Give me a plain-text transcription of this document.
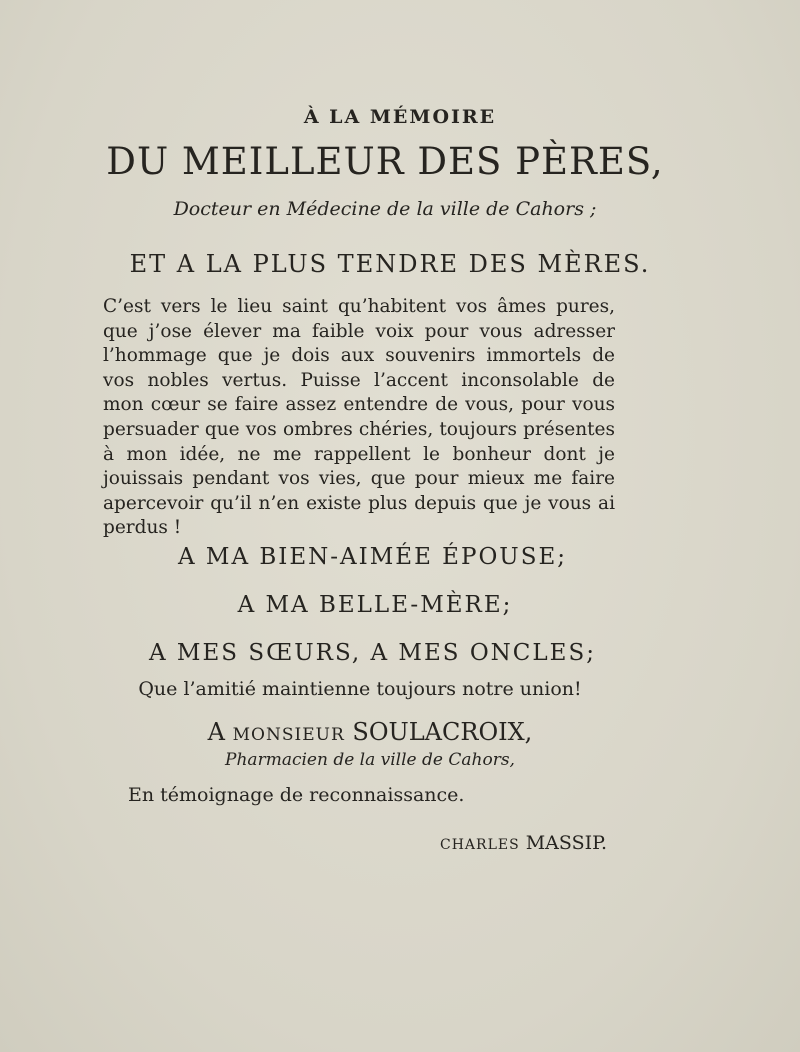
À LA MÉMOIRE
DU MEILLEUR DES PÈRES,
Docteur en Médecine de la ville de Cahors ;
ET A LA PLUS TENDRE DES MÈRES.
C’est vers le lieu saint qu’habitent vos âmes pures, que j’ose élever ma faible voix pour vous adresser l’hommage que je dois aux souvenirs immortels de vos nobles vertus. Puisse l’accent inconsolable de mon cœur se faire assez entendre de vous, pour vous persuader que vos ombres chéries, toujours présentes à mon idée, ne me rappellent le bonheur dont je jouissais pendant vos vies, que pour mieux me faire apercevoir qu’il n’en existe plus depuis que je vous ai perdus !
A MA BIEN-AIMÉE ÉPOUSE;
A MA BELLE-MÈRE;
A MES SŒURS, A MES ONCLES;
Que l’amitié maintienne toujours notre union!
A MONSIEUR SOULACROIX,
Pharmacien de la ville de Cahors,
En témoignage de reconnaissance.
CHARLES MASSIP.
